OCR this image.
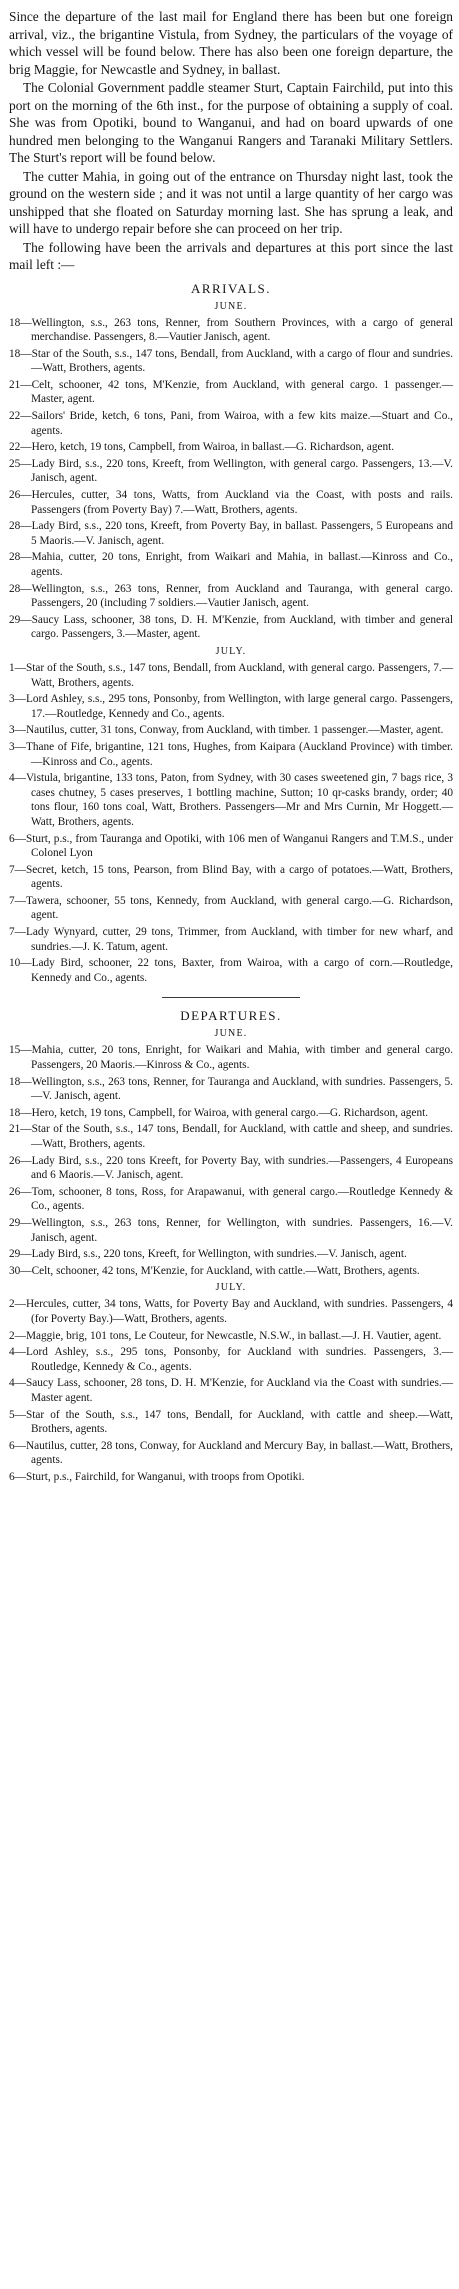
Since the departure of the last mail for England there has been but one foreign arrival, viz., the brigantine Vistula, from Sydney, the particulars of the voyage of which vessel will be found below. There has also been one foreign departure, the brig Maggie, for Newcastle and Sydney, in ballast.

The Colonial Government paddle steamer Sturt, Captain Fairchild, put into this port on the morning of the 6th inst., for the purpose of obtaining a supply of coal. She was from Opotiki, bound to Wanganui, and had on board upwards of one hundred men belonging to the Wanganui Rangers and Taranaki Military Settlers. The Sturt's report will be found below.

The cutter Mahia, in going out of the entrance on Thursday night last, took the ground on the western side ; and it was not until a large quantity of her cargo was unshipped that she floated on Saturday morning last. She has sprung a leak, and will have to undergo repair before she can proceed on her trip.

The following have been the arrivals and departures at this port since the last mail left :—

ARRIVALS.
JUNE.

18—Wellington, s.s., 263 tons, Renner, from Southern Provinces, with a cargo of general merchandise. Passengers, 8.—Vautier Janisch, agent.

18—Star of the South, s.s., 147 tons, Bendall, from Auckland, with a cargo of flour and sundries.—Watt, Brothers, agents.

21—Celt, schooner, 42 tons, M'Kenzie, from Auckland, with general cargo. 1 passenger.—Master, agent.

22—Sailors' Bride, ketch, 6 tons, Pani, from Wairoa, with a few kits maize.—Stuart and Co., agents.

22—Hero, ketch, 19 tons, Campbell, from Wairoa, in ballast.—G. Richardson, agent.

25—Lady Bird, s.s., 220 tons, Kreeft, from Wellington, with general cargo. Passengers, 13.—V. Janisch, agent.

26—Hercules, cutter, 34 tons, Watts, from Auckland via the Coast, with posts and rails. Passengers (from Poverty Bay) 7.—Watt, Brothers, agents.

28—Lady Bird, s.s., 220 tons, Kreeft, from Poverty Bay, in ballast. Passengers, 5 Europeans and 5 Maoris.—V. Janisch, agent.

28—Mahia, cutter, 20 tons, Enright, from Waikari and Mahia, in ballast.—Kinross and Co., agents.

28—Wellington, s.s., 263 tons, Renner, from Auckland and Tauranga, with general cargo. Passengers, 20 (including 7 soldiers.—Vautier Janisch, agent.

29—Saucy Lass, schooner, 38 tons, D. H. M'Kenzie, from Auckland, with timber and general cargo. Passengers, 3.—Master, agent.

JULY.

1—Star of the South, s.s., 147 tons, Bendall, from Auckland, with general cargo. Passengers, 7.—Watt, Brothers, agents.

3—Lord Ashley, s.s., 295 tons, Ponsonby, from Wellington, with large general cargo. Passengers, 17.—Routledge, Kennedy and Co., agents.

3—Nautilus, cutter, 31 tons, Conway, from Auckland, with timber. 1 passenger.—Master, agent.

3—Thane of Fife, brigantine, 121 tons, Hughes, from Kaipara (Auckland Province) with timber.—Kinross and Co., agents.

4—Vistula, brigantine, 133 tons, Paton, from Sydney, with 30 cases sweetened gin, 7 bags rice, 3 cases chutney, 5 cases preserves, 1 bottling machine, Sutton; 10 qr-casks brandy, order; 40 tons flour, 160 tons coal, Watt, Brothers. Passengers—Mr and Mrs Curnin, Mr Hoggett.—Watt, Brothers, agents.

6—Sturt, p.s., from Tauranga and Opotiki, with 106 men of Wanganui Rangers and T.M.S., under Colonel Lyon

7—Secret, ketch, 15 tons, Pearson, from Blind Bay, with a cargo of potatoes.—Watt, Brothers, agents.

7—Tawera, schooner, 55 tons, Kennedy, from Auckland, with general cargo.—G. Richardson, agent.

7—Lady Wynyard, cutter, 29 tons, Trimmer, from Auckland, with timber for new wharf, and sundries.—J. K. Tatum, agent.

10—Lady Bird, schooner, 22 tons, Baxter, from Wairoa, with a cargo of corn.—Routledge, Kennedy and Co., agents.

DEPARTURES.
JUNE.

15—Mahia, cutter, 20 tons, Enright, for Waikari and Mahia, with timber and general cargo. Passengers, 20 Maoris.—Kinross & Co., agents.

18—Wellington, s.s., 263 tons, Renner, for Tauranga and Auckland, with sundries. Passengers, 5.—V. Janisch, agent.

18—Hero, ketch, 19 tons, Campbell, for Wairoa, with general cargo.—G. Richardson, agent.

21—Star of the South, s.s., 147 tons, Bendall, for Auckland, with cattle and sheep, and sundries.—Watt, Brothers, agents.

26—Lady Bird, s.s., 220 tons Kreeft, for Poverty Bay, with sundries.—Passengers, 4 Europeans and 6 Maoris.—V. Janisch, agent.

26—Tom, schooner, 8 tons, Ross, for Arapawanui, with general cargo.—Routledge Kennedy & Co., agents.

29—Wellington, s.s., 263 tons, Renner, for Wellington, with sundries. Passengers, 16.—V. Janisch, agent.

29—Lady Bird, s.s., 220 tons, Kreeft, for Wellington, with sundries.—V. Janisch, agent.

30—Celt, schooner, 42 tons, M'Kenzie, for Auckland, with cattle.—Watt, Brothers, agents.

JULY.

2—Hercules, cutter, 34 tons, Watts, for Poverty Bay and Auckland, with sundries. Passengers, 4 (for Poverty Bay.)—Watt, Brothers, agents.

2—Maggie, brig, 101 tons, Le Couteur, for Newcastle, N.S.W., in ballast.—J. H. Vautier, agent.

4—Lord Ashley, s.s., 295 tons, Ponsonby, for Auckland with sundries. Passengers, 3.—Routledge, Kennedy & Co., agents.

4—Saucy Lass, schooner, 28 tons, D. H. M'Kenzie, for Auckland via the Coast with sundries.—Master agent.

5—Star of the South, s.s., 147 tons, Bendall, for Auckland, with cattle and sheep.—Watt, Brothers, agents.

6—Nautilus, cutter, 28 tons, Conway, for Auckland and Mercury Bay, in ballast.—Watt, Brothers, agents.

6—Sturt, p.s., Fairchild, for Wanganui, with troops from Opotiki.
